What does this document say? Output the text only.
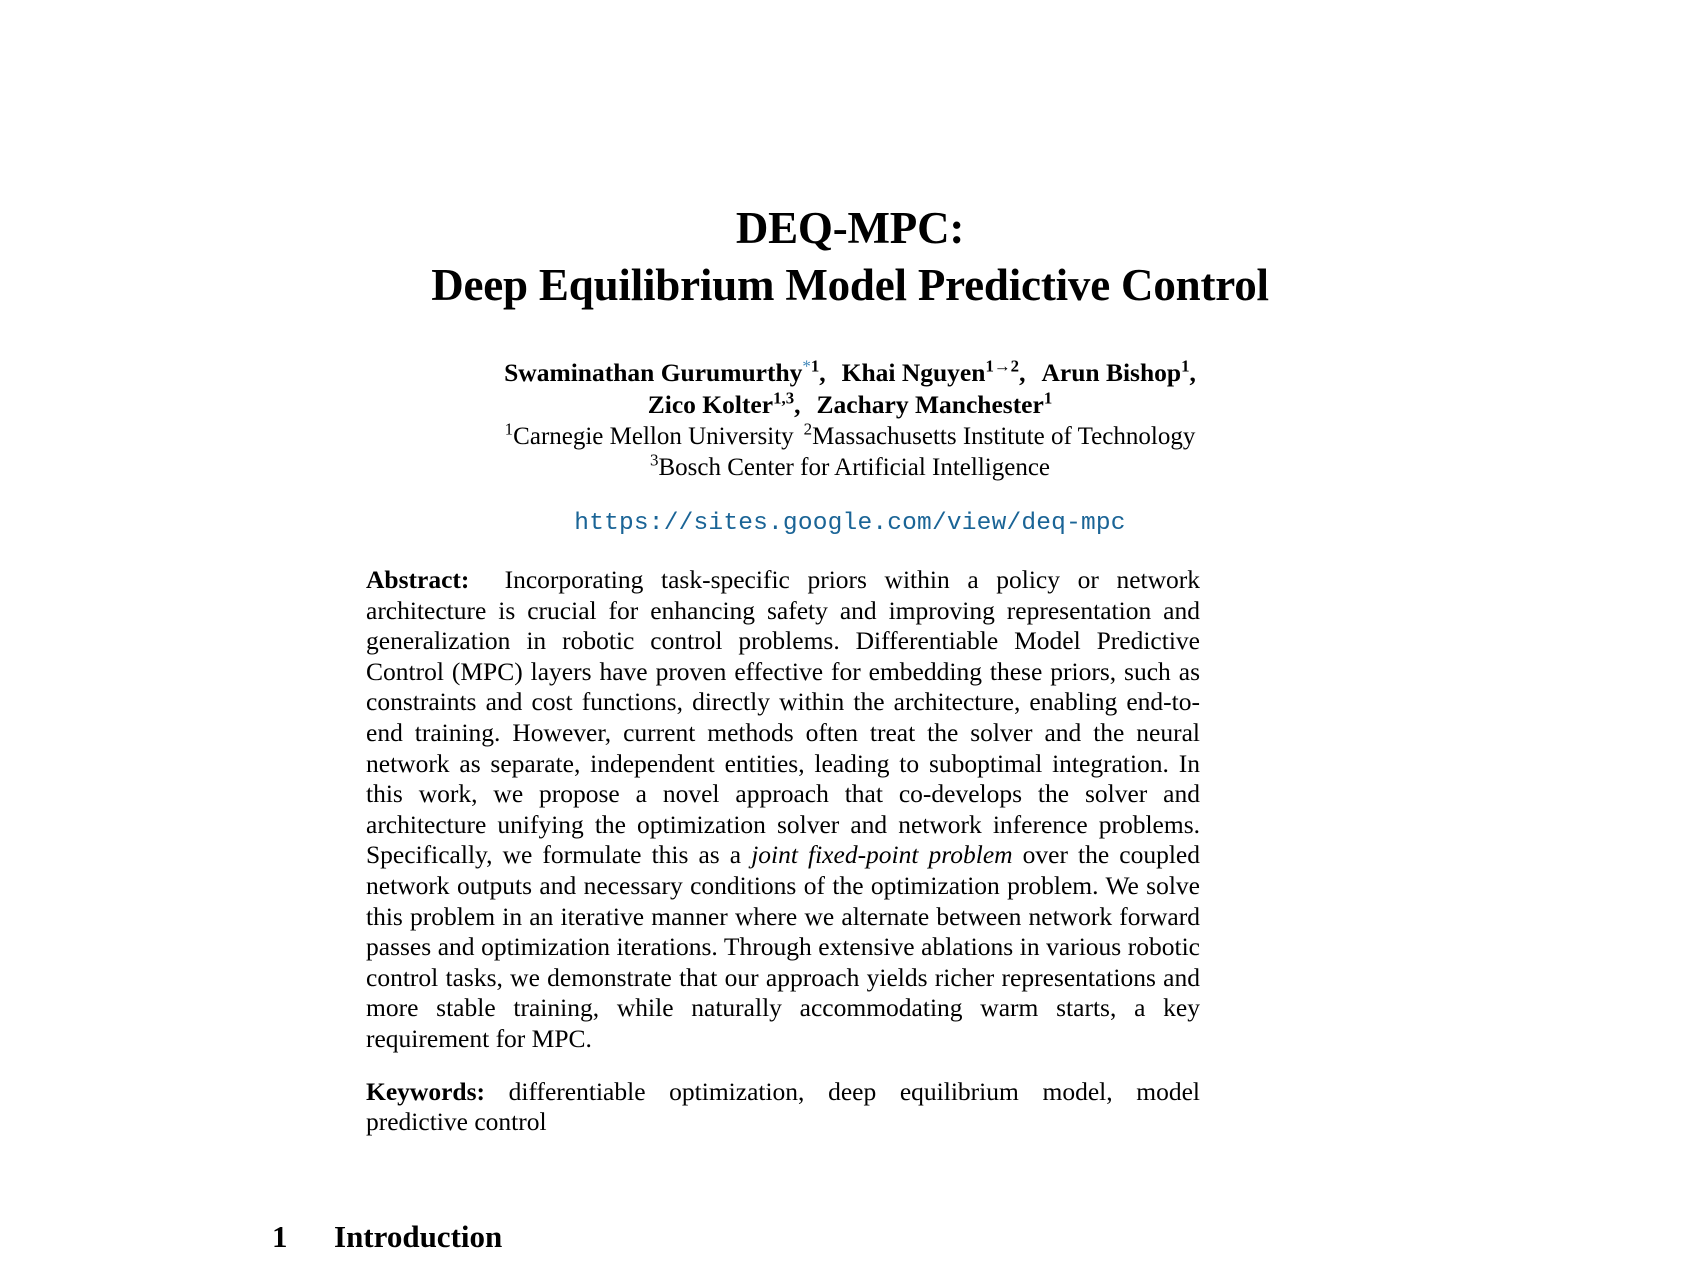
DEQ-MPC:
Deep Equilibrium Model Predictive Control
Swaminathan Gurumurthy$^{*1}$, Khai Nguyen$^{1\to 2}$, Arun Bishop$^1$,
Zico Kolter$^{1,3}$, Zachary Manchester$^1$
$^1$Carnegie Mellon University $^2$Massachusetts Institute of Technology
$^3$Bosch Center for Artificial Intelligence
https://sites.google.com/view/deq-mpc

Abstract: Incorporating task-specific priors within a policy or network architecture is crucial for enhancing safety and improving representation and generalization in robotic control problems. Differentiable Model Predictive Control (MPC) layers have proven effective for embedding these priors, such as constraints and cost functions, directly within the architecture, enabling end-to-end training. However, current methods often treat the solver and the neural network as separate, independent entities, leading to suboptimal integration. In this work, we propose a novel approach that co-develops the solver and architecture unifying the optimization solver and network inference problems. Specifically, we formulate this as a joint fixed-point problem over the coupled network outputs and necessary conditions of the optimization problem. We solve this problem in an iterative manner where we alternate between network forward passes and optimization iterations. Through extensive ablations in various robotic control tasks, we demonstrate that our approach yields richer representations and more stable training, while naturally accommodating warm starts, a key requirement for MPC.

Keywords: differentiable optimization, deep equilibrium model, model predictive control

1 Introduction
